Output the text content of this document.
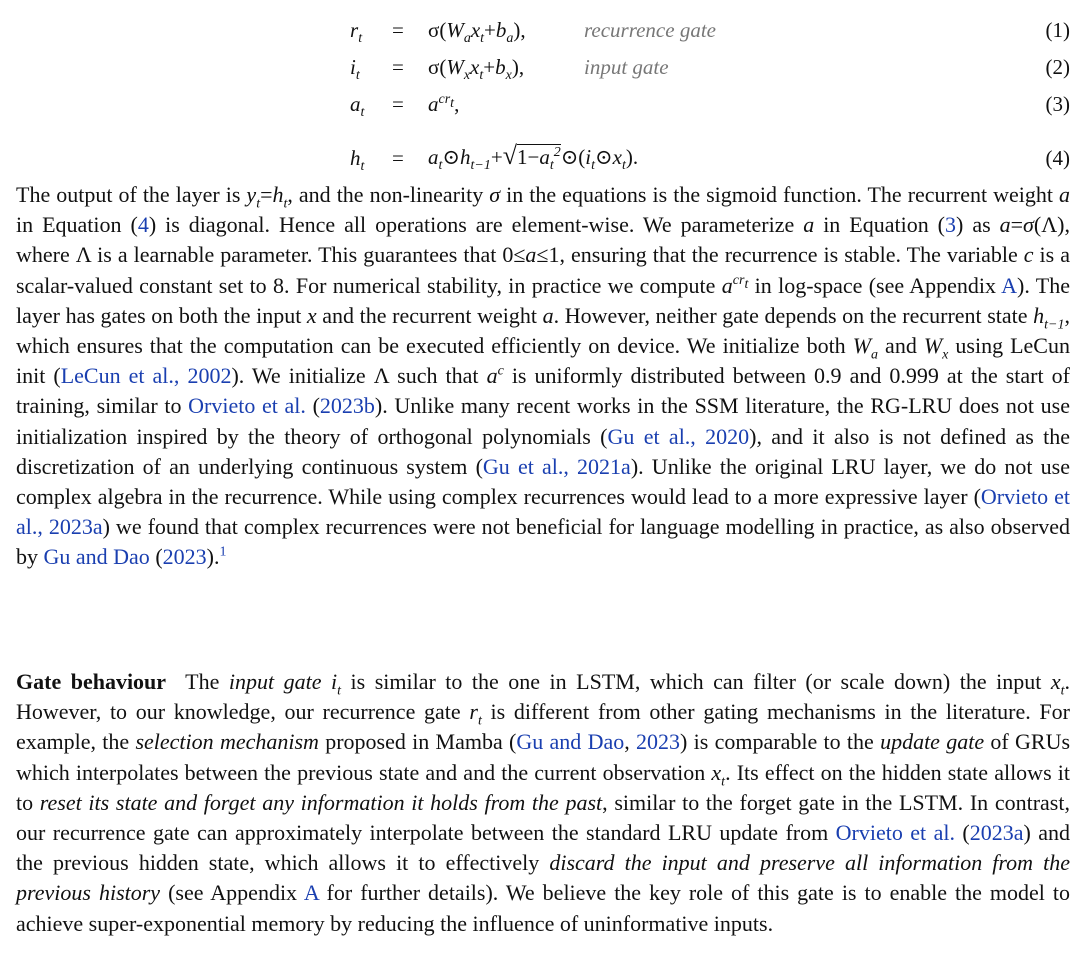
$r_t = \sigma(W_ax_t+b_a)$,	recurrence gate	(1)
$i_t = \sigma(W_xx_t+b_x)$,	input gate	(2)
$a_t = a^{cr_t}$,	(3)
$h_t$ = $a_t⊙h_{t-1}+√1-a_t^2⊙(i_t⊙x_t)$.	(4)
The output of the layer is $y_t=h_t$, and the non-linearity σ in the equations is the sigmoid function. The recurrent weight a in Equation (4) is diagonal. Hence all operations are element-wise. We parameterize a in Equation (3) as a=σ(Λ), where Λ is a learnable parameter. This guarantees that 0≤a≤1, ensuring that the recurrence is stable. The variable c is a scalar-valued constant set to 8. For numerical stability, in practice we compute $a^{cr_t}$ in log-space (see Appendix A). The layer has gates on both the input x and the recurrent weight a. However, neither gate depends on the recurrent state $h_{t-1}$, which ensures that the computation can be executed efficiently on device. We initialize both $W_a$ and $W_x$ using LeCun init (LeCun et al., 2002). We initialize Λ such that $a^c$ is uniformly distributed between 0.9 and 0.999 at the start of training, similar to Orvieto et al. (2023b). Unlike many recent works in the SSM literature, the RG-LRU does not use initialization inspired by the theory of orthogonal polynomials (Gu et al., 2020), and it also is not defined as the discretization of an underlying continuous system (Gu et al., 2021a). Unlike the original LRU layer, we do not use complex algebra in the recurrence. While using complex recurrences would lead to a more expressive layer (Orvieto et al., 2023a) we found that complex recurrences were not beneficial for language modelling in practice, as also observed by Gu and Dao (2023).$^1$
Gate behaviour The input gate $i_t$ is similar to the one in LSTM, which can filter (or scale down) the input $x_t$. However, to our knowledge, our recurrence gate $r_t$ is different from other gating mechanisms in the literature. For example, the selection mechanism proposed in Mamba (Gu and Dao, 2023) is comparable to the update gate of GRUs which interpolates between the previous state and and the current observation $x_t$. Its effect on the hidden state allows it to reset its state and forget any information it holds from the past, similar to the forget gate in the LSTM. In contrast, our recurrence gate can approximately interpolate between the standard LRU update from Orvieto et al. (2023a) and the previous hidden state, which allows it to effectively discard the input and preserve all information from the previous history (see Appendix A for further details). We believe the key role of this gate is to enable the model to achieve super-exponential memory by reducing the influence of uninformative inputs.
